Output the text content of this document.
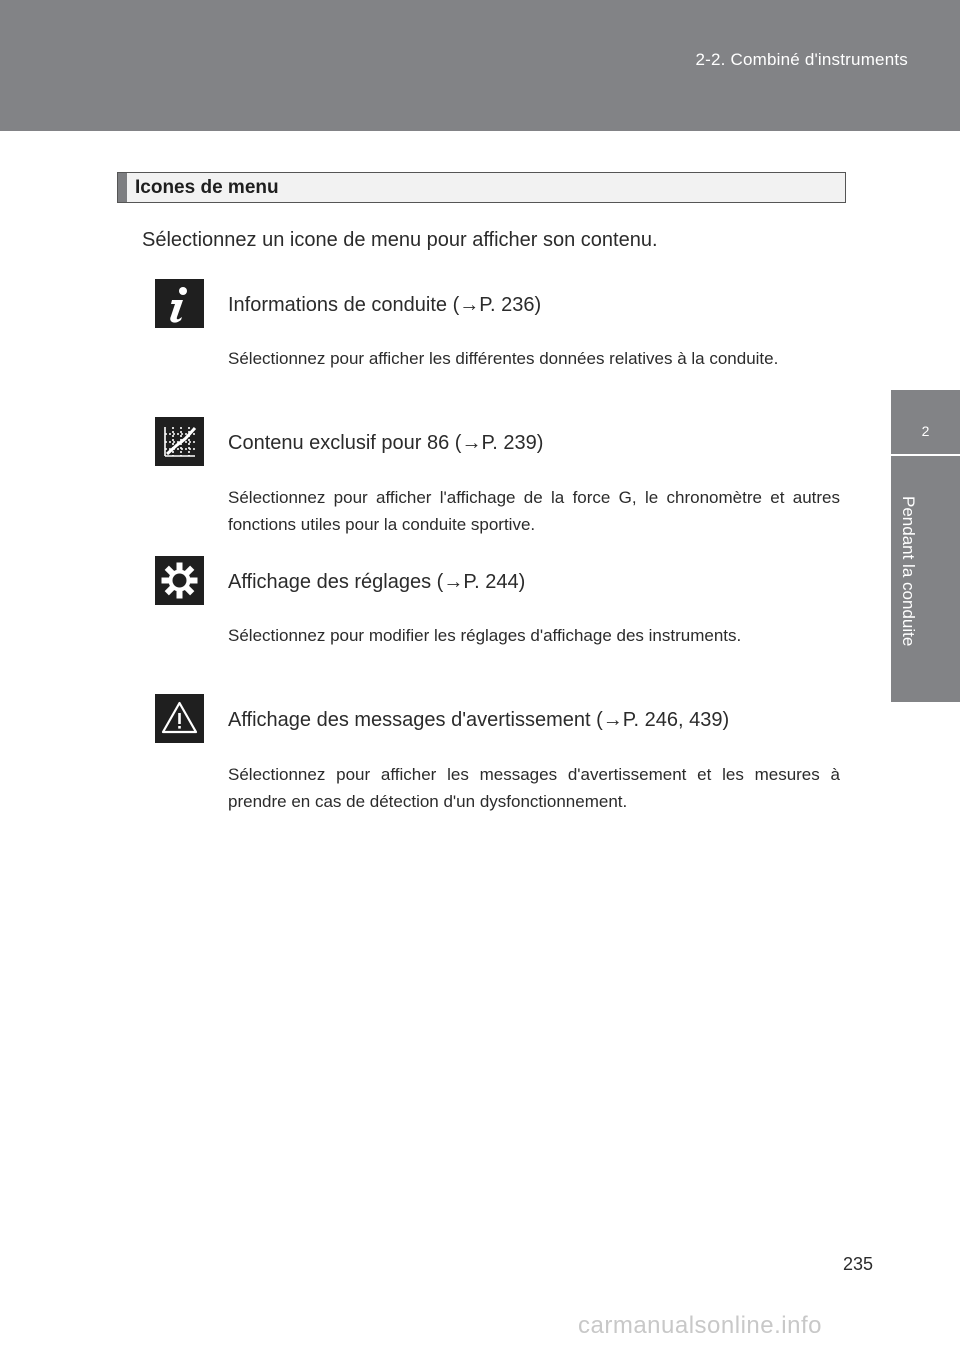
2-2. Combiné d'instruments
2
Pendant la conduite
Icones de menu
Sélectionnez un icone de menu pour afficher son contenu.
Informations de conduite (→P. 236)
Sélectionnez pour afficher les différentes données relatives à la conduite.
Contenu exclusif pour 86 (→P. 239)
Sélectionnez pour afficher l'affichage de la force G, le chronomètre et autres fonctions utiles pour la conduite sportive.
Affichage des réglages (→P. 244)
Sélectionnez pour modifier les réglages d'affichage des instruments.
Affichage des messages d'avertissement (→P. 246, 439)
Sélectionnez pour afficher les messages d'avertissement et les mesures à prendre en cas de détection d'un dysfonctionnement.
235
carmanualsonline.info
